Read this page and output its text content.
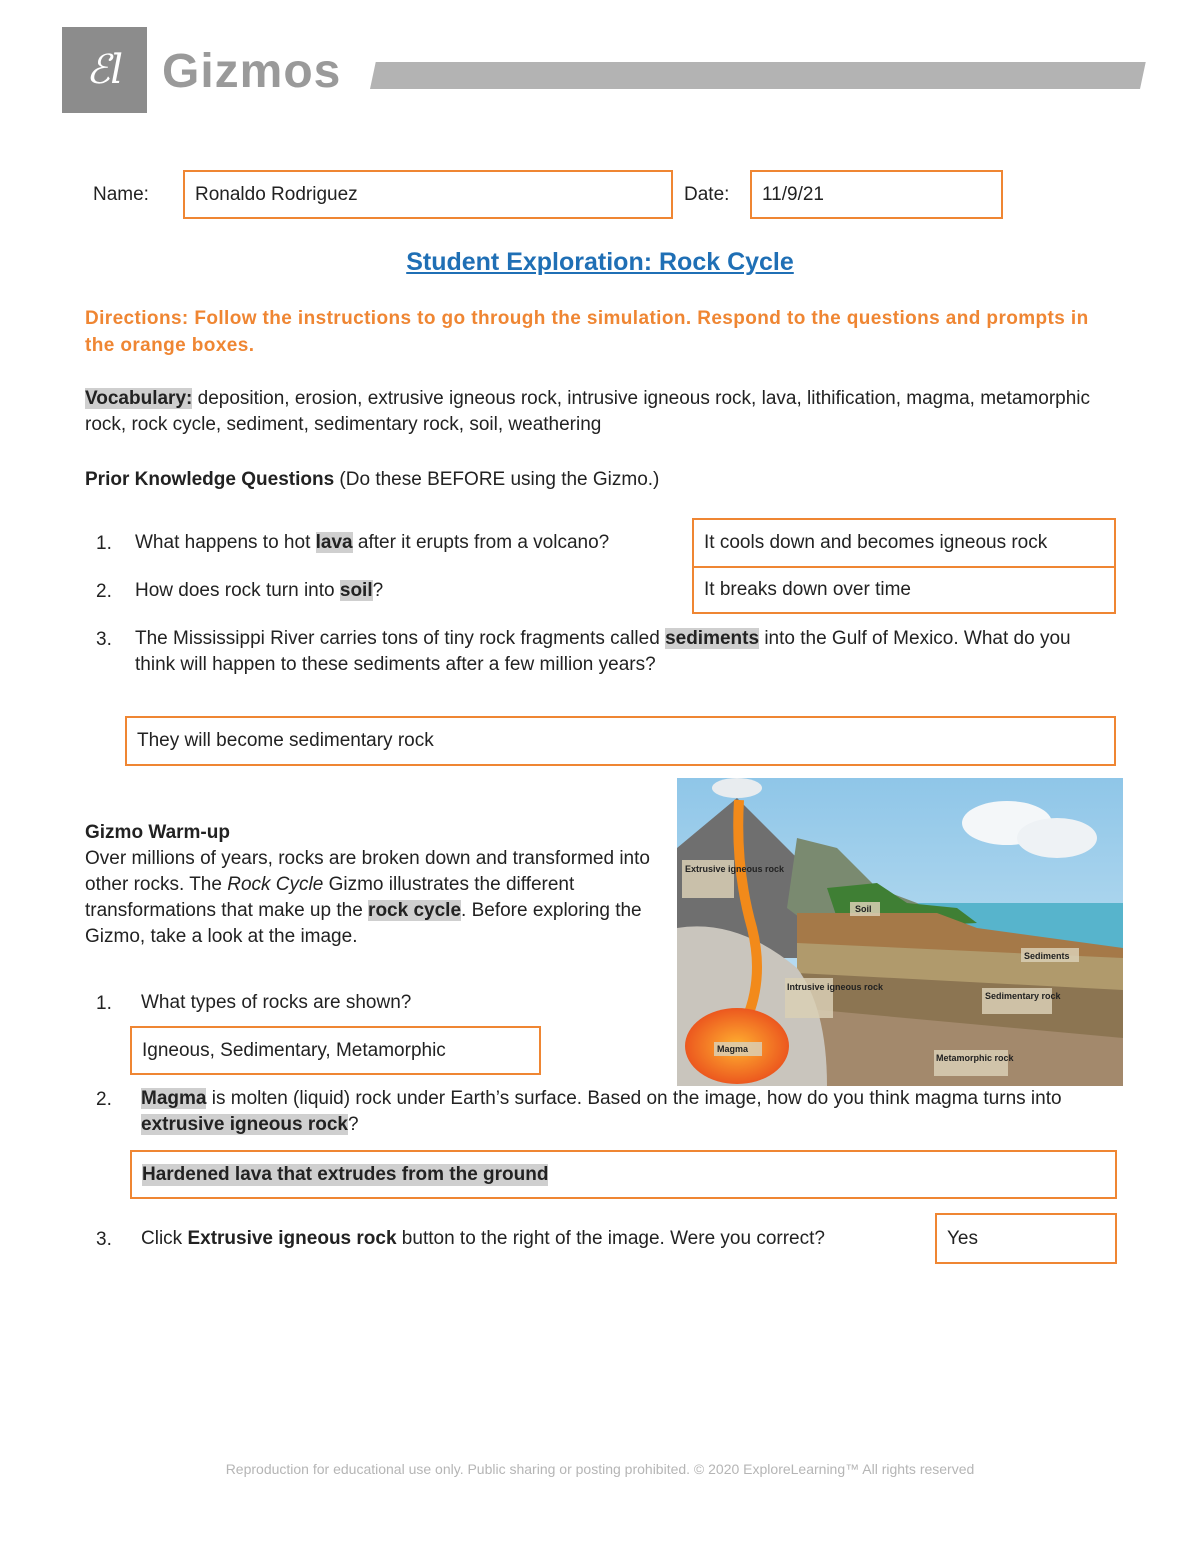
ℰl Gizmos
Name:	Ronaldo Rodriguez	Date:	11/9/21
Student Exploration: Rock Cycle
Directions: Follow the instructions to go through the simulation. Respond to the questions and prompts in the orange boxes.
Vocabulary: deposition, erosion, extrusive igneous rock, intrusive igneous rock, lava, lithification, magma, metamorphic rock, rock cycle, sediment, sedimentary rock, soil, weathering
Prior Knowledge Questions (Do these BEFORE using the Gizmo.)
1. What happens to hot lava after it erupts from a volcano?	It cools down and becomes igneous rock
2. How does rock turn into soil?	It breaks down over time
3. The Mississippi River carries tons of tiny rock fragments called sediments into the Gulf of Mexico. What do you think will happen to these sediments after a few million years?
They will become sedimentary rock
Gizmo Warm-up
Over millions of years, rocks are broken down and transformed into other rocks. The Rock Cycle Gizmo illustrates the different transformations that make up the rock cycle. Before exploring the Gizmo, take a look at the image.
Extrusive igneous rock
Soil
Sediments
Intrusive igneous rock
Sedimentary rock
Magma
Metamorphic rock
1. What types of rocks are shown?
Igneous, Sedimentary, Metamorphic
2. Magma is molten (liquid) rock under Earth’s surface. Based on the image, how do you think magma turns into extrusive igneous rock?
Hardened lava that extrudes from the ground
3. Click Extrusive igneous rock button to the right of the image. Were you correct?	Yes
Reproduction for educational use only. Public sharing or posting prohibited. © 2020 ExploreLearning™ All rights reserved
